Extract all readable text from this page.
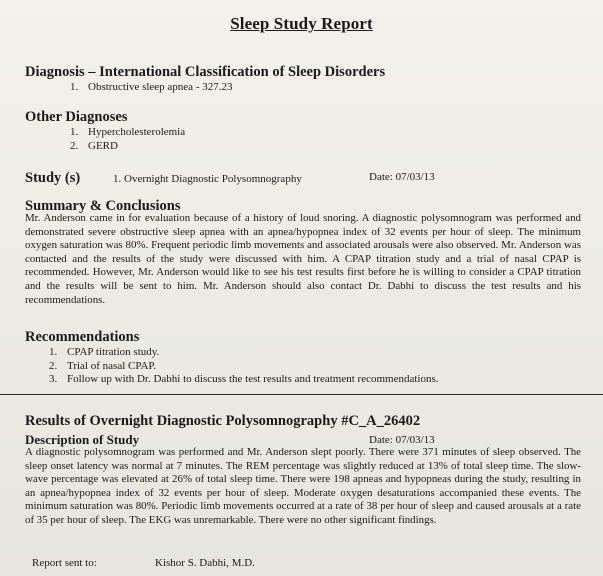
Sleep Study Report
Diagnosis – International Classification of Sleep Disorders
1. Obstructive sleep apnea - 327.23
Other Diagnoses
1. Hypercholesterolemia
2. GERD
Study (s)	1. Overnight Diagnostic Polysomnography	Date: 07/03/13
Summary & Conclusions
Mr. Anderson came in for evaluation because of a history of loud snoring. A diagnostic polysomnogram was performed and demonstrated severe obstructive sleep apnea with an apnea/hypopnea index of 32 events per hour of sleep. The minimum oxygen saturation was 80%. Frequent periodic limb movements and associated arousals were also observed. Mr. Anderson was contacted and the results of the study were discussed with him. A CPAP titration study and a trial of nasal CPAP is recommended. However, Mr. Anderson would like to see his test results first before he is willing to consider a CPAP titration and the results will be sent to him. Mr. Anderson should also contact Dr. Dabhi to discuss the test results and his recommendations.
Recommendations
1. CPAP titration study.
2. Trial of nasal CPAP.
3. Follow up with Dr. Dabhi to discuss the test results and treatment recommendations.
Results of Overnight Diagnostic Polysomnography #C_A_26402
Description of Study	Date: 07/03/13
A diagnostic polysomnogram was performed and Mr. Anderson slept poorly. There were 371 minutes of sleep observed. The sleep onset latency was normal at 7 minutes. The REM percentage was slightly reduced at 13% of total sleep time. The slow-wave percentage was elevated at 26% of total sleep time. There were 198 apneas and hypopneas during the study, resulting in an apnea/hypopnea index of 32 events per hour of sleep. Moderate oxygen desaturations accompanied these events. The minimum saturation was 80%. Periodic limb movements occurred at a rate of 38 per hour of sleep and caused arousals at a rate of 35 per hour of sleep. The EKG was unremarkable. There were no other significant findings.
Report sent to:	Kishor S. Dabhi, M.D.
